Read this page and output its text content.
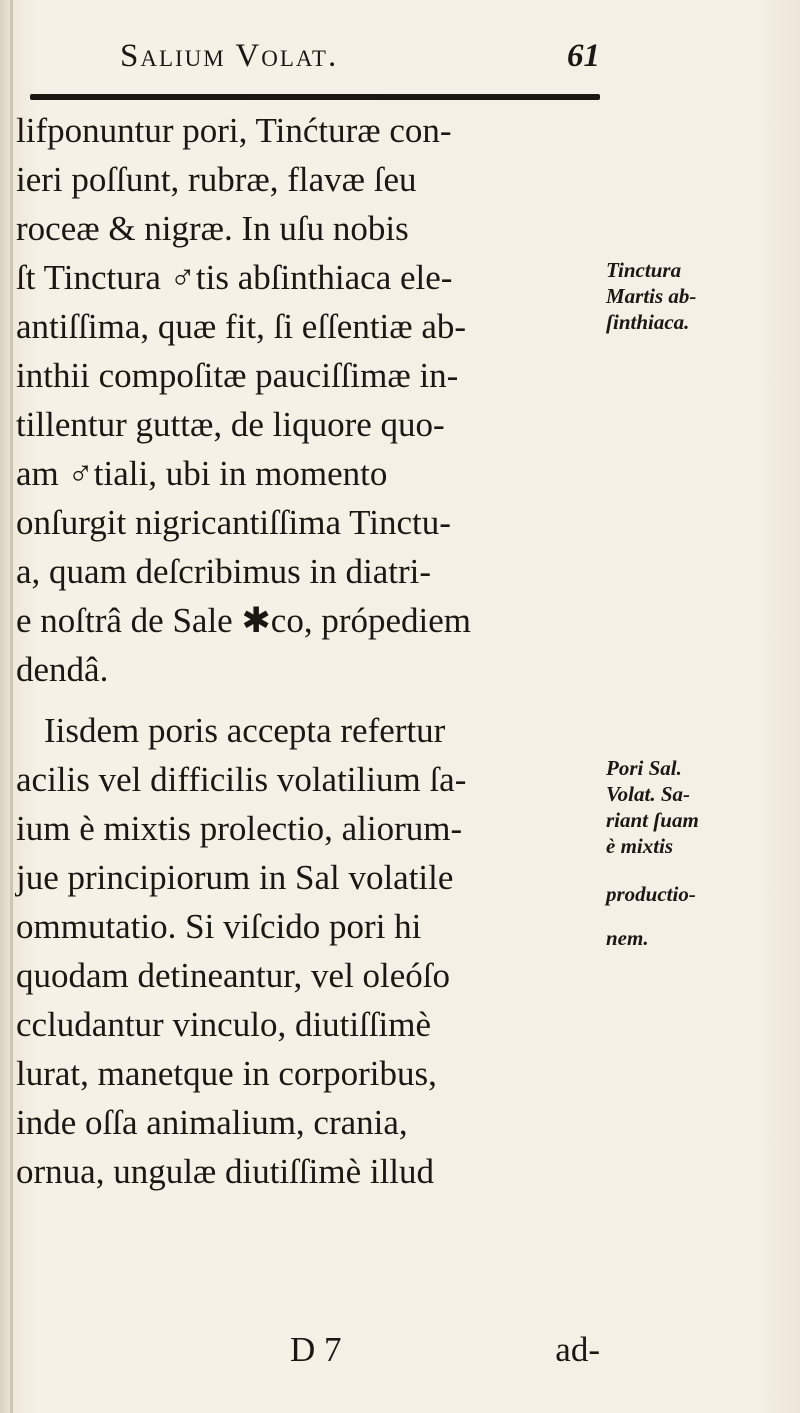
Salium Volat.	61
lifponuntur pori, Tinćturæ con-
ieri poſſunt, rubræ, flavæ ſeu
roceæ & nigræ. In uſu nobis
ſt Tinctura ♂tis abſinthiaca ele-
antiſſima, quæ fit, ſi eſſentiæ ab-
inthii compoſitæ pauciſſimæ in-
tillentur guttæ, de liquore quo-
am ♂tiali, ubi in momento
onſurgit nigricantiſſima Tinctu-
a, quam deſcribimus in diatri-
e noſtrâ de Sale ✱co, própediem
dendâ.
Iisdem poris accepta refertur
acilis vel difficilis volatilium ſa-
ium è mixtis prolectio, aliorum-
jue principiorum in Sal volatile
ommutatio. Si viſcido pori hi
quodam detineantur, vel oleóſo
ccludantur vinculo, diutiſſimè
lurat, manetque in corporibus,
inde oſſa animalium, crania,
ornua, ungulæ diutiſſimè illud
Tinctura
Martis ab-
ſinthiaca.
Pori Sal.
Volat. Sa-
riant ſuam
è mixtis
productio-
nem.
D 7	ad-
